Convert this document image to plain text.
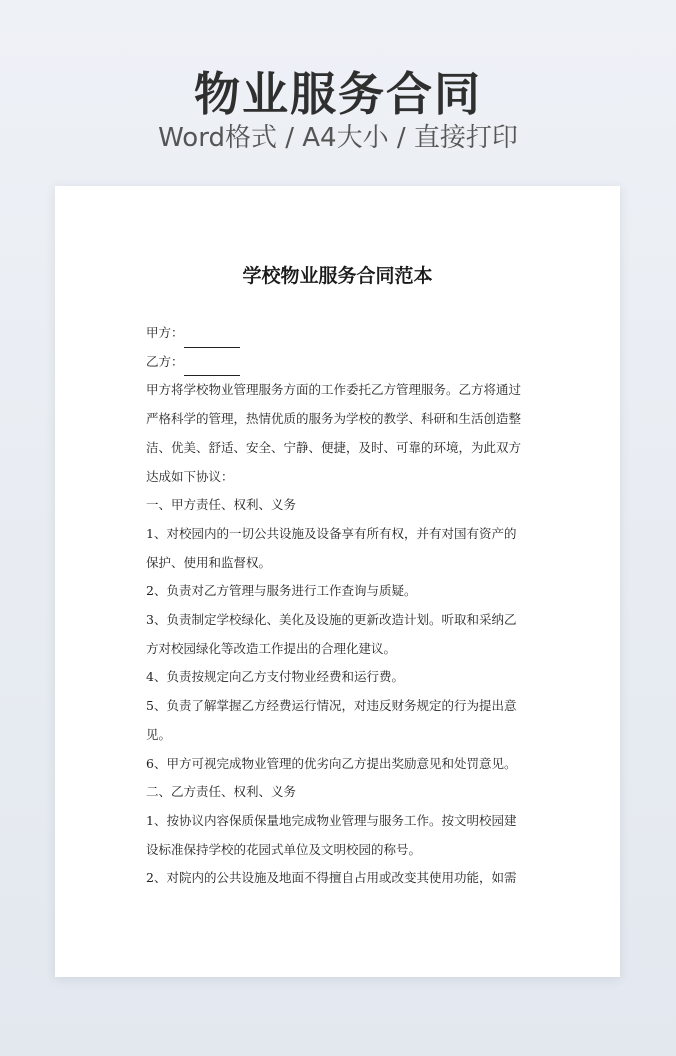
物业服务合同
Word格式 / A4大小 / 直接打印
学校物业服务合同范本
甲方：
乙方：
甲方将学校物业管理服务方面的工作委托乙方管理服务。乙方将通过
严格科学的管理，热情优质的服务为学校的教学、科研和生活创造整
洁、优美、舒适、安全、宁静、便捷，及时、可靠的环境，为此双方
达成如下协议：
一、甲方责任、权利、义务
1、对校园内的一切公共设施及设备享有所有权，并有对国有资产的
保护、使用和监督权。
2、负责对乙方管理与服务进行工作查询与质疑。
3、负责制定学校绿化、美化及设施的更新改造计划。听取和采纳乙
方对校园绿化等改造工作提出的合理化建议。
4、负责按规定向乙方支付物业经费和运行费。
5、负责了解掌握乙方经费运行情况，对违反财务规定的行为提出意
见。
6、甲方可视完成物业管理的优劣向乙方提出奖励意见和处罚意见。
二、乙方责任、权利、义务
1、按协议内容保质保量地完成物业管理与服务工作。按文明校园建
设标准保持学校的花园式单位及文明校园的称号。
2、对院内的公共设施及地面不得擅自占用或改变其使用功能，如需
